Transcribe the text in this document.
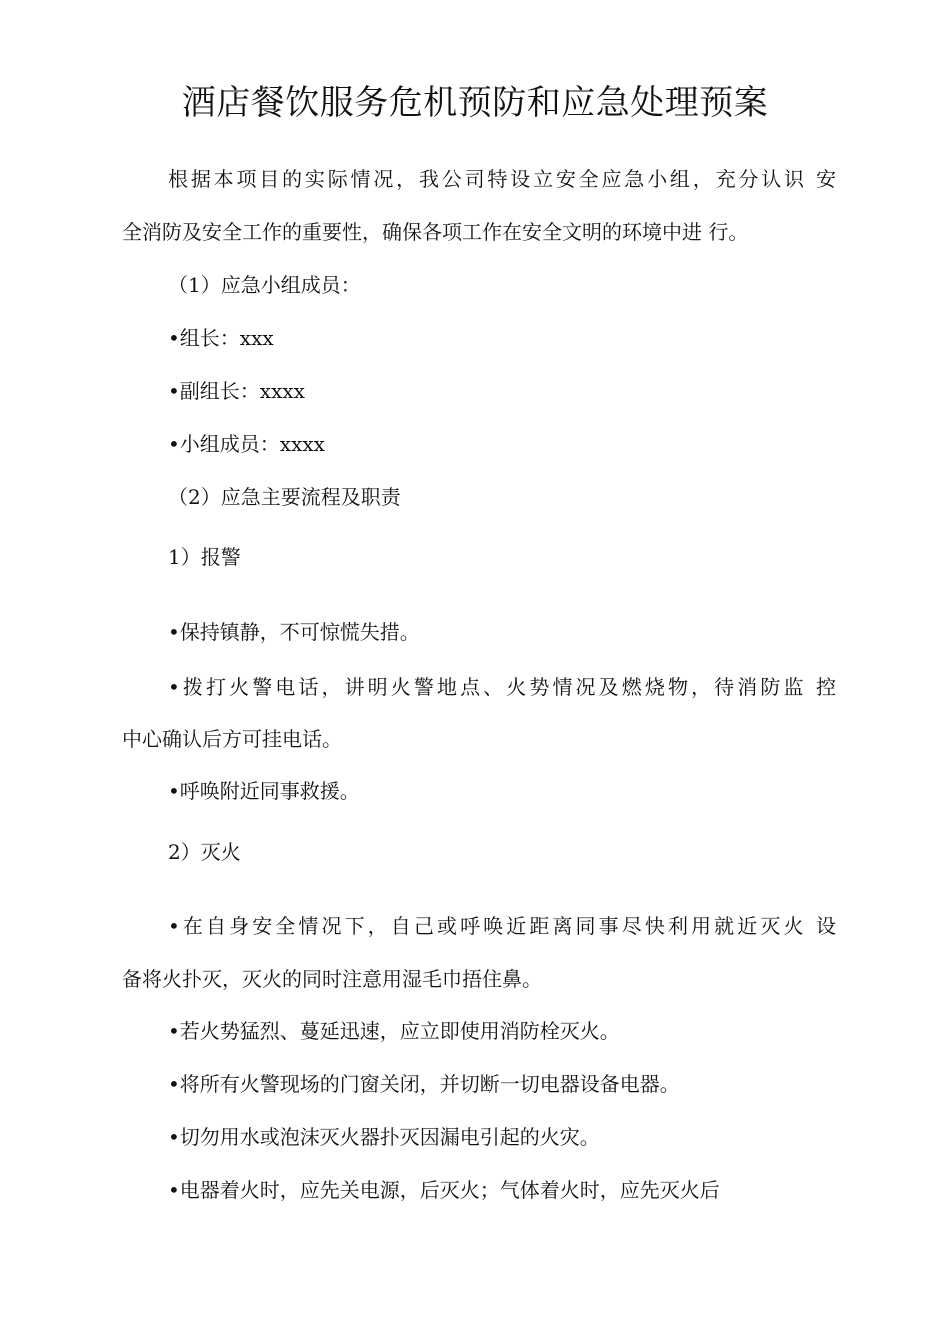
酒店餐饮服务危机预防和应急处理预案
根据本项目的实际情况，我公司特设立安全应急小组，充分认识 安
全消防及安全工作的重要性，确保各项工作在安全文明的环境中进 行。
（1）应急小组成员：
•组长：xxx
•副组长：xxxx
•小组成员：xxxx
（2）应急主要流程及职责
1）报警
•保持镇静，不可惊慌失措。
•拨打火警电话，讲明火警地点、火势情况及燃烧物，待消防监 控
中心确认后方可挂电话。
•呼唤附近同事救援。
2）灭火
•在自身安全情况下，自己或呼唤近距离同事尽快利用就近灭火 设
备将火扑灭，灭火的同时注意用湿毛巾捂住鼻。
•若火势猛烈、蔓延迅速，应立即使用消防栓灭火。
•将所有火警现场的门窗关闭，并切断一切电器设备电器。
•切勿用水或泡沫灭火器扑灭因漏电引起的火灾。
•电器着火时，应先关电源，后灭火；气体着火时，应先灭火后
